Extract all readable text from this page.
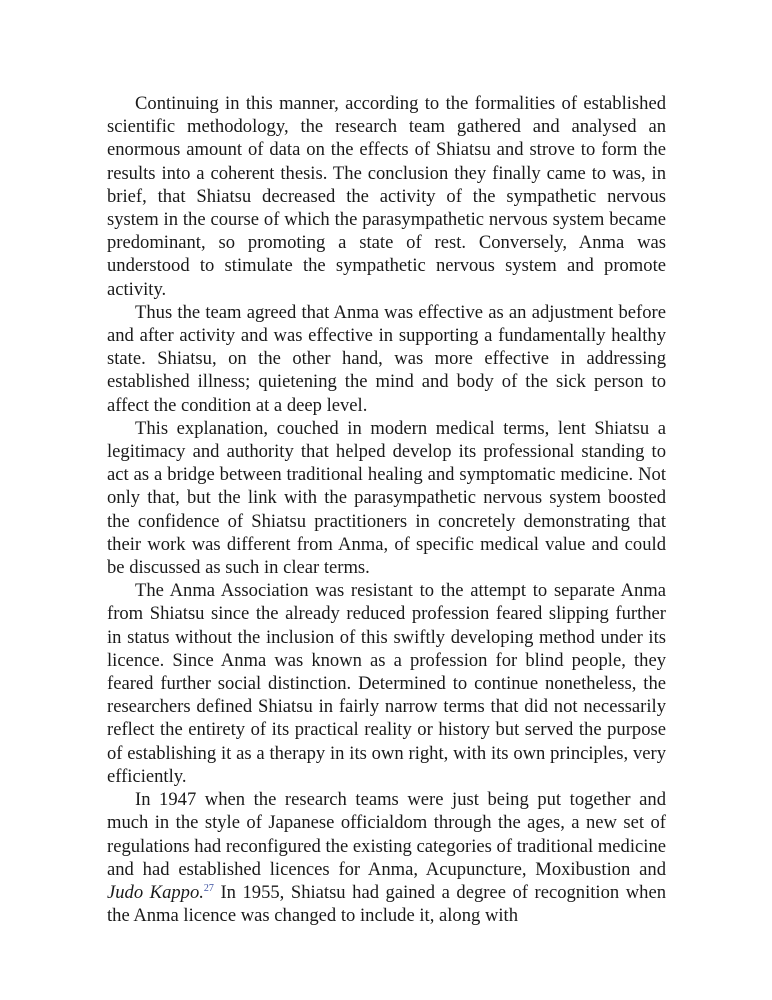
Continuing in this manner, according to the formalities of established scientific methodology, the research team gathered and analysed an enormous amount of data on the effects of Shiatsu and strove to form the results into a coherent thesis. The conclusion they finally came to was, in brief, that Shiatsu decreased the activity of the sympathetic nervous system in the course of which the parasympathetic nervous system became predominant, so promoting a state of rest. Conversely, Anma was understood to stimulate the sympathetic nervous system and promote activity.

Thus the team agreed that Anma was effective as an adjustment before and after activity and was effective in supporting a fundamentally healthy state. Shiatsu, on the other hand, was more effective in addressing established illness; quietening the mind and body of the sick person to affect the condition at a deep level.

This explanation, couched in modern medical terms, lent Shiatsu a legitimacy and authority that helped develop its professional standing to act as a bridge between traditional healing and symptomatic medicine. Not only that, but the link with the parasympathetic nervous system boosted the confidence of Shiatsu practitioners in concretely demonstrating that their work was different from Anma, of specific medical value and could be discussed as such in clear terms.

The Anma Association was resistant to the attempt to separate Anma from Shiatsu since the already reduced profession feared slipping further in status without the inclusion of this swiftly developing method under its licence. Since Anma was known as a profession for blind people, they feared further social distinction. Determined to continue nonetheless, the researchers defined Shiatsu in fairly narrow terms that did not necessarily reflect the entirety of its practical reality or history but served the purpose of establishing it as a therapy in its own right, with its own principles, very efficiently.

In 1947 when the research teams were just being put together and much in the style of Japanese officialdom through the ages, a new set of regulations had reconfigured the existing categories of traditional medicine and had established licences for Anma, Acupuncture, Moxibustion and Judo Kappo.$^{27}$ In 1955, Shiatsu had gained a degree of recognition when the Anma licence was changed to include it, along with
